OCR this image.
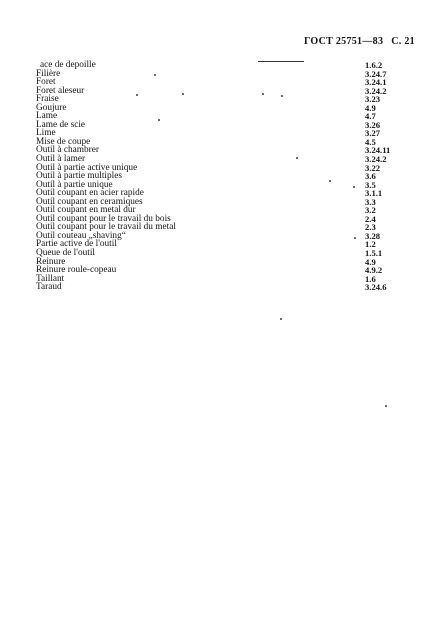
ГОСТ 25751—83 С. 21
ace de depoille	1.6.2
Filière	3.24.7
Foret	3.24.1
Foret aleseur	3.24.2
Fraise	3.23
Goujure	4.9
Lame	4.7
Lame de scie	3.26
Lime	3.27
Mise de coupe	4.5
Outil à chambrer	3.24.11
Outil à lamer	3.24.2
Outil à partie active unique	3.22
Outil à partie multiples	3.6
Outil à partie unique	3.5
Outil coupant en acier rapide	3.1.1
Outil coupant en ceramiques	3.3
Outil coupant en metal dur	3.2
Outil coupant pour le travail du bois	2.4
Outil coupant pour le travail du metal	2.3
Outil couteau „shaving“	3.28
Partie active de l'outil	1.2
Queue de l'outil	1.5.1
Reinure	4.9
Reinure roule-copeau	4.9.2
Taillant	1.6
Taraud	3.24.6
